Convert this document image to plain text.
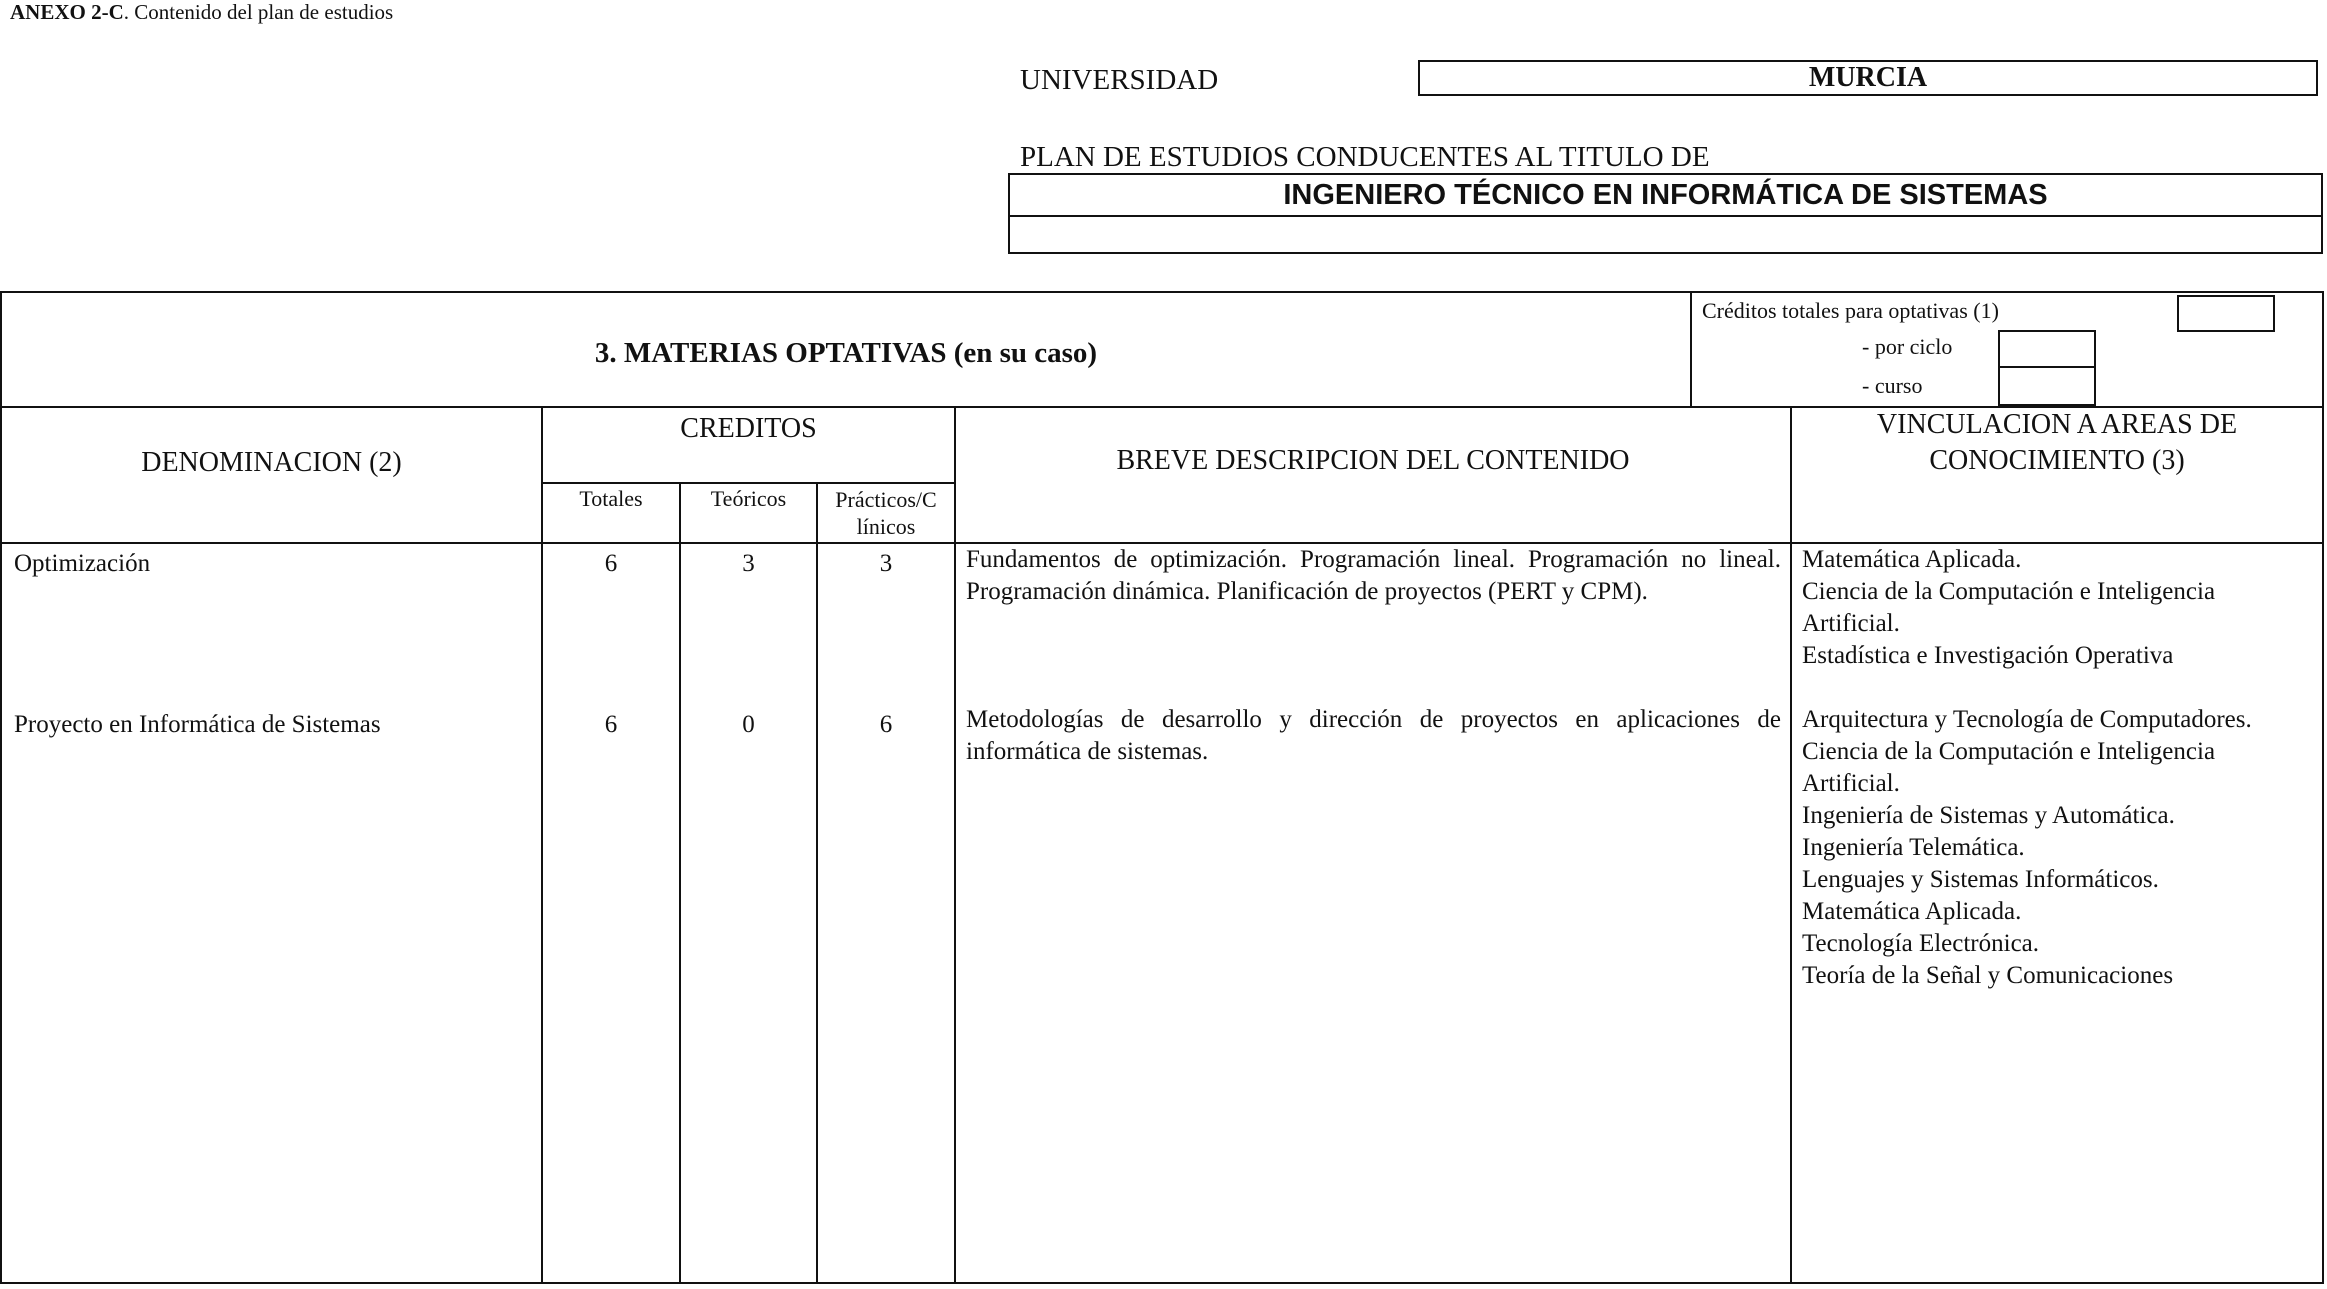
ANEXO 2-C. Contenido del plan de estudios
UNIVERSIDAD	MURCIA
PLAN DE ESTUDIOS CONDUCENTES AL TITULO DE
INGENIERO TÉCNICO EN INFORMÁTICA DE SISTEMAS
3. MATERIAS OPTATIVAS (en su caso)
Créditos totales para optativas (1)
- por ciclo
- curso
DENOMINACION (2)
CREDITOS
Totales	Teóricos	Prácticos/C
línicos
BREVE DESCRIPCION DEL CONTENIDO
VINCULACION A AREAS DE
CONOCIMIENTO (3)
Optimización	6	3	3	Fundamentos de optimización. Programación lineal. Programación no lineal. Programación dinámica. Planificación de proyectos (PERT y CPM).
Matemática Aplicada.
Ciencia de la Computación e Inteligencia Artificial.
Estadística e Investigación Operativa
Proyecto en Informática de Sistemas	6	0	6	Metodologías de desarrollo y dirección de proyectos en aplicaciones de informática de sistemas.
Arquitectura y Tecnología de Computadores.
Ciencia de la Computación e Inteligencia Artificial.
Ingeniería de Sistemas y Automática.
Ingeniería Telemática.
Lenguajes y Sistemas Informáticos.
Matemática Aplicada.
Tecnología Electrónica.
Teoría de la Señal y Comunicaciones
